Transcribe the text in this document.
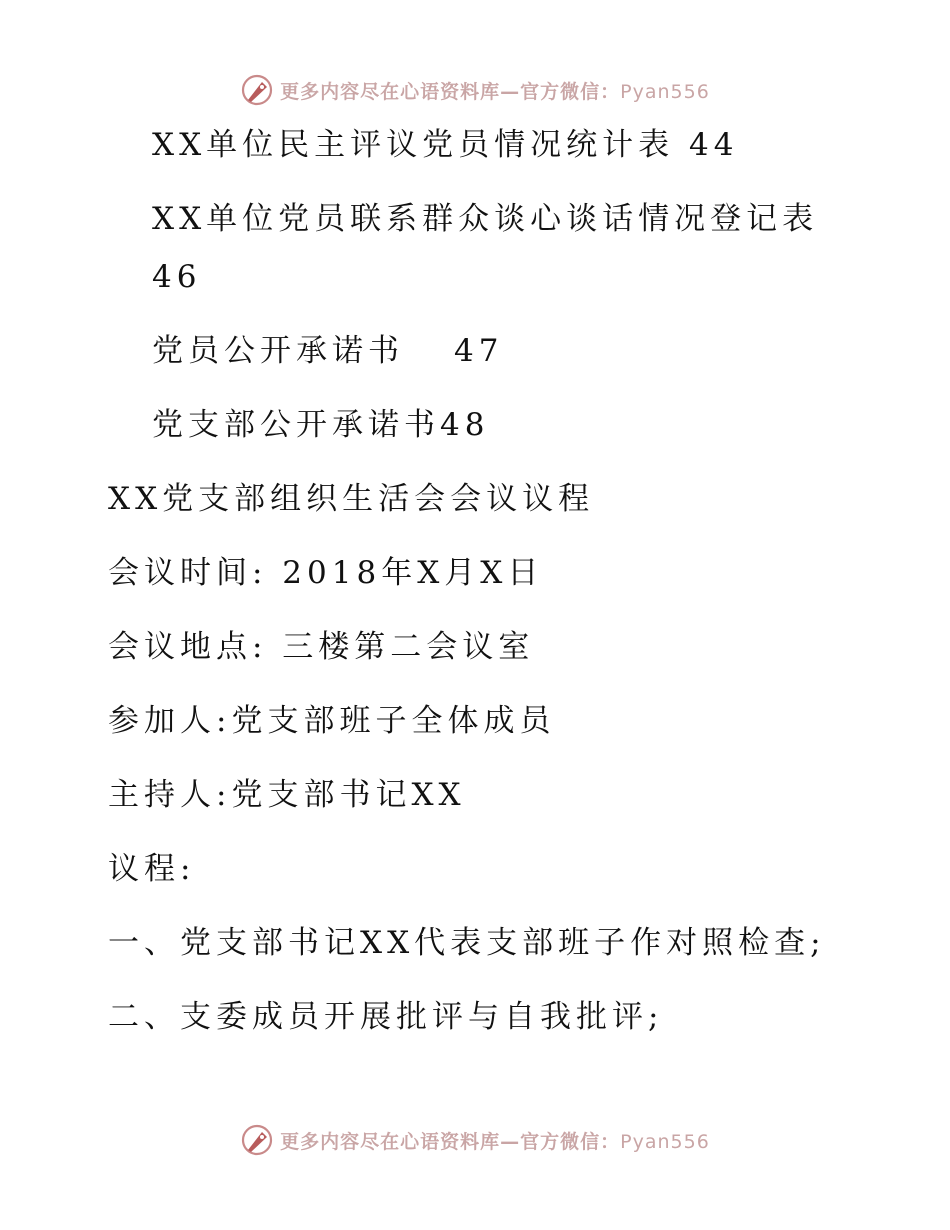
更多内容尽在心语资料库—官方微信：Pyan556
XX单位民主评议党员情况统计表 44
XX单位党员联系群众谈心谈话情况登记表
46
党员公开承诺书 47
党支部公开承诺书48
XX党支部组织生活会会议议程
会议时间: 2018年X月X日
会议地点: 三楼第二会议室
参加人:党支部班子全体成员
主持人:党支部书记XX
议程:
一、党支部书记XX代表支部班子作对照检查;
二、支委成员开展批评与自我批评;
更多内容尽在心语资料库—官方微信：Pyan556
